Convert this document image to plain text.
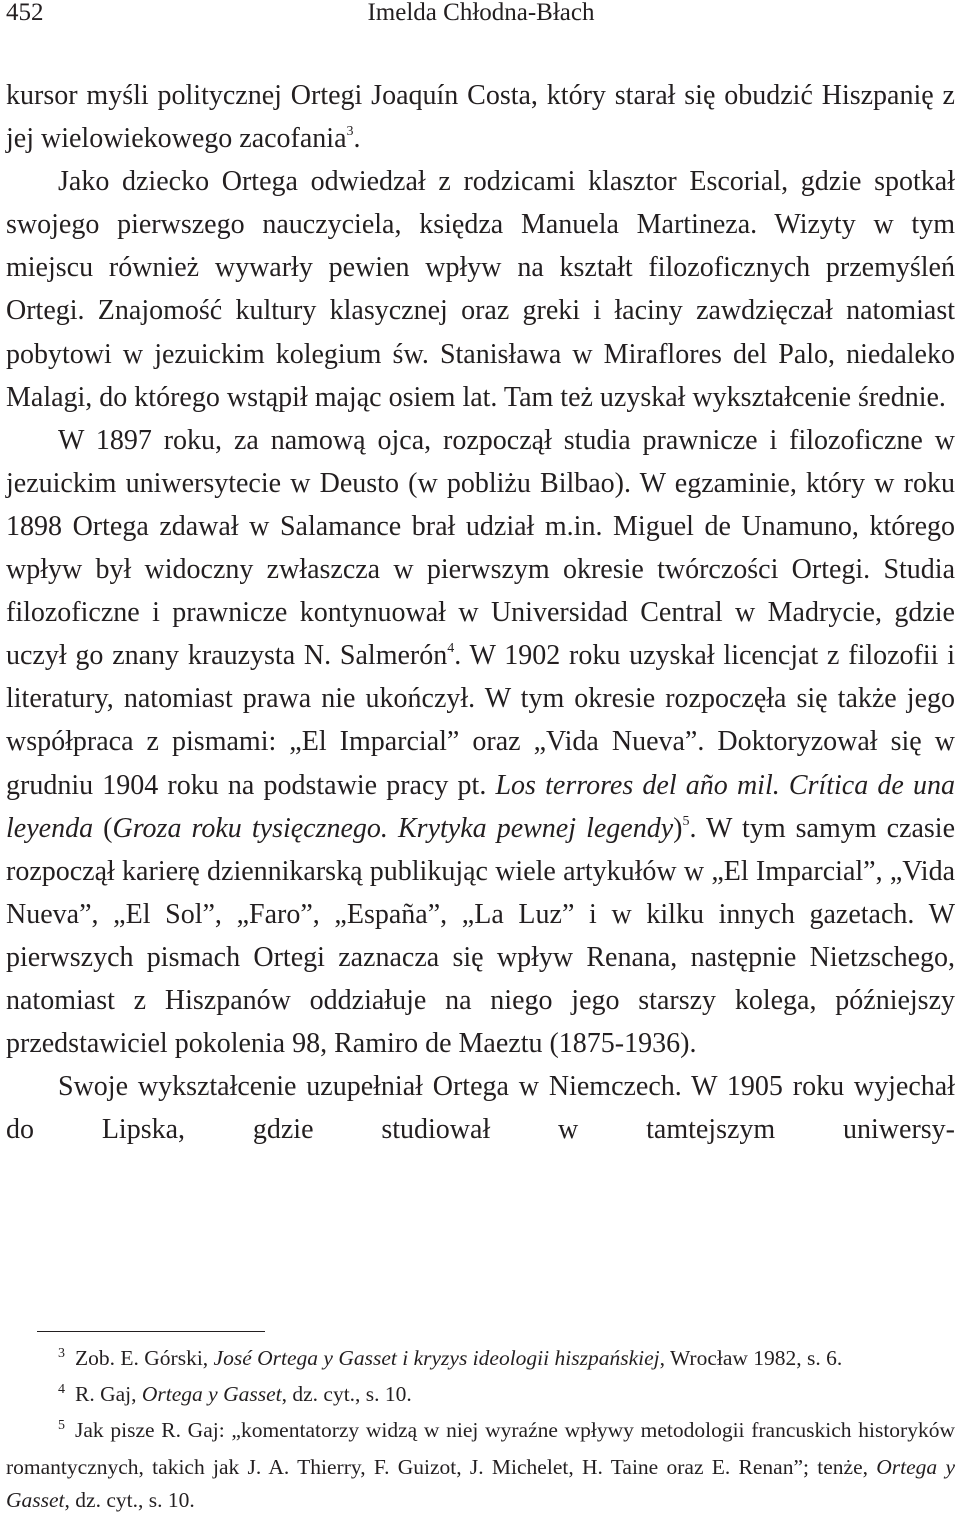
452	Imelda Chłodna-Błach

kursor myśli politycznej Ortegi Joaquín Costa, który starał się obudzić Hiszpanię z jej wielowiekowego zacofania$^3$.

Jako dziecko Ortega odwiedzał z rodzicami klasztor Escorial, gdzie spotkał swojego pierwszego nauczyciela, księdza Manuela Martineza. Wizyty w tym miejscu również wywarły pewien wpływ na kształt filozoficznych przemyśleń Ortegi. Znajomość kultury klasycznej oraz greki i łaciny zawdzięczał natomiast pobytowi w jezuickim kolegium św. Stanisława w Miraflores del Palo, niedaleko Malagi, do którego wstąpił mając osiem lat. Tam też uzyskał wykształcenie średnie.

W 1897 roku, za namową ojca, rozpoczął studia prawnicze i filozoficzne w jezuickim uniwersytecie w Deusto (w pobliżu Bilbao). W egzaminie, który w roku 1898 Ortega zdawał w Salamance brał udział m.in. Miguel de Unamuno, którego wpływ był widoczny zwłaszcza w pierwszym okresie twórczości Ortegi. Studia filozoficzne i prawnicze kontynuował w Universidad Central w Madrycie, gdzie uczył go znany krauzysta N. Salmerón$^4$. W 1902 roku uzyskał licencjat z filozofii i literatury, natomiast prawa nie ukończył. W tym okresie rozpoczęła się także jego współpraca z pismami: „El Imparcial” oraz „Vida Nueva”. Doktoryzował się w grudniu 1904 roku na podstawie pracy pt. Los terrores del año mil. Crítica de una leyenda (Groza roku tysięcznego. Krytyka pewnej legendy)$^5$. W tym samym czasie rozpoczął karierę dziennikarską publikując wiele artykułów w „El Imparcial”, „Vida Nueva”, „El Sol”, „Faro”, „España”, „La Luz” i w kilku innych gazetach. W pierwszych pismach Ortegi zaznacza się wpływ Renana, następnie Nietzschego, natomiast z Hiszpanów oddziałuje na niego jego starszy kolega, późniejszy przedstawiciel pokolenia 98, Ramiro de Maeztu (1875-1936).

Swoje wykształcenie uzupełniał Ortega w Niemczech. W 1905 roku wyjechał do Lipska, gdzie studiował w tamtejszym uniwersy-

$^3$ Zob. E. Górski, José Ortega y Gasset i kryzys ideologii hiszpańskiej, Wrocław 1982, s. 6.

$^4$ R. Gaj, Ortega y Gasset, dz. cyt., s. 10.

$^5$ Jak pisze R. Gaj: „komentatorzy widzą w niej wyraźne wpływy metodologii francuskich historyków romantycznych, takich jak J. A. Thierry, F. Guizot, J. Michelet, H. Taine oraz E. Renan”; tenże, Ortega y Gasset, dz. cyt., s. 10.
